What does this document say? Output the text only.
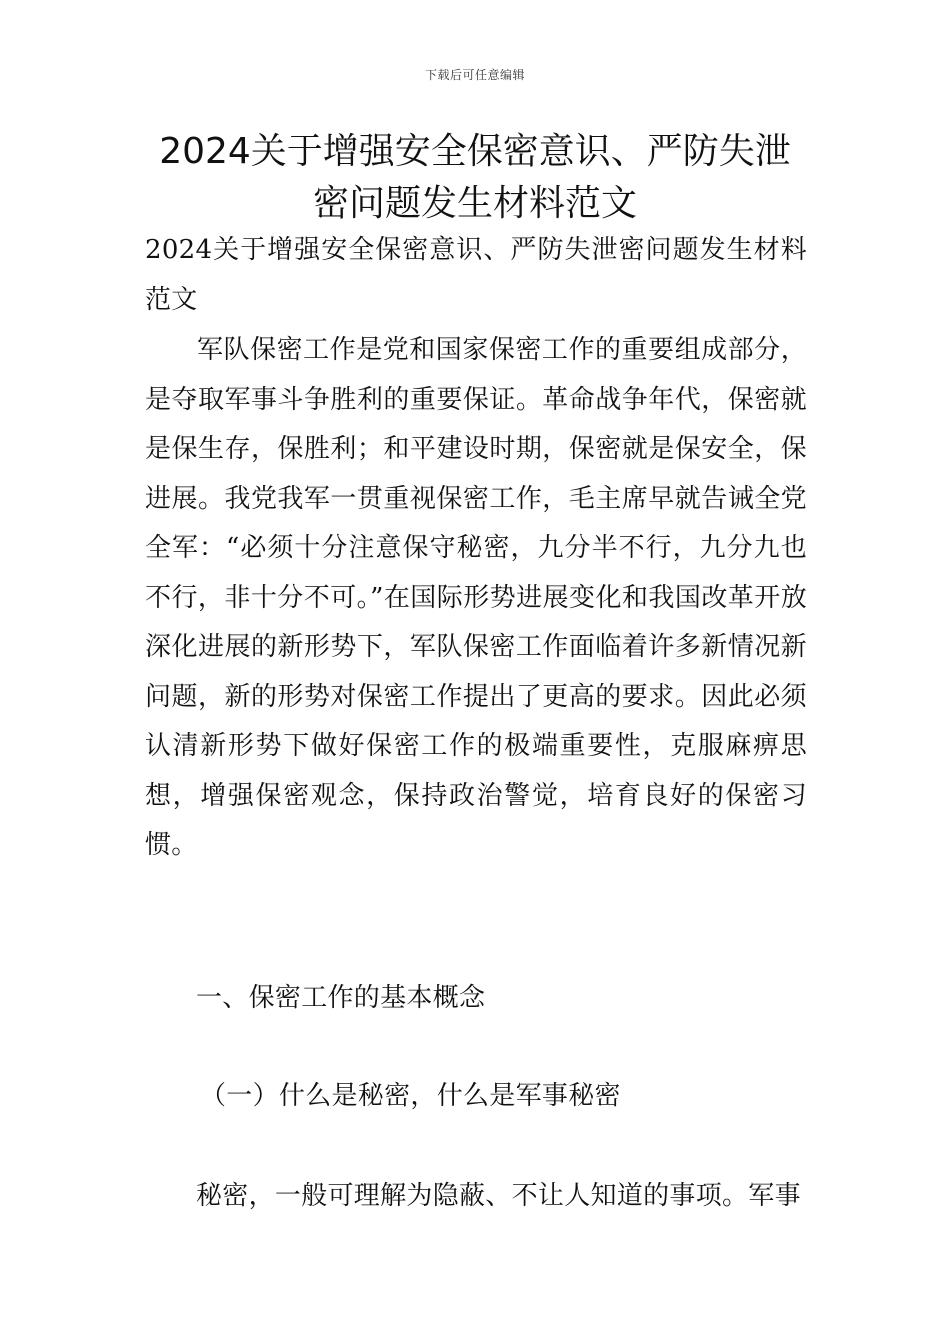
下载后可任意编辑
2024关于增强安全保密意识、严防失泄密问题发生材料范文

2024关于增强安全保密意识、严防失泄密问题发生材料范文

军队保密工作是党和国家保密工作的重要组成部分，是夺取军事斗争胜利的重要保证。革命战争年代，保密就是保生存，保胜利；和平建设时期，保密就是保安全，保进展。我党我军一贯重视保密工作，毛主席早就告诫全党全军：“必须十分注意保守秘密，九分半不行，九分九也不行，非十分不可。”在国际形势进展变化和我国改革开放深化进展的新形势下，军队保密工作面临着许多新情况新问题，新的形势对保密工作提出了更高的要求。因此必须认清新形势下做好保密工作的极端重要性，克服麻痹思想，增强保密观念，保持政治警觉，培育良好的保密习惯。

一、保密工作的基本概念

（一）什么是秘密，什么是军事秘密

秘密，一般可理解为隐蔽、不让人知道的事项。军事
